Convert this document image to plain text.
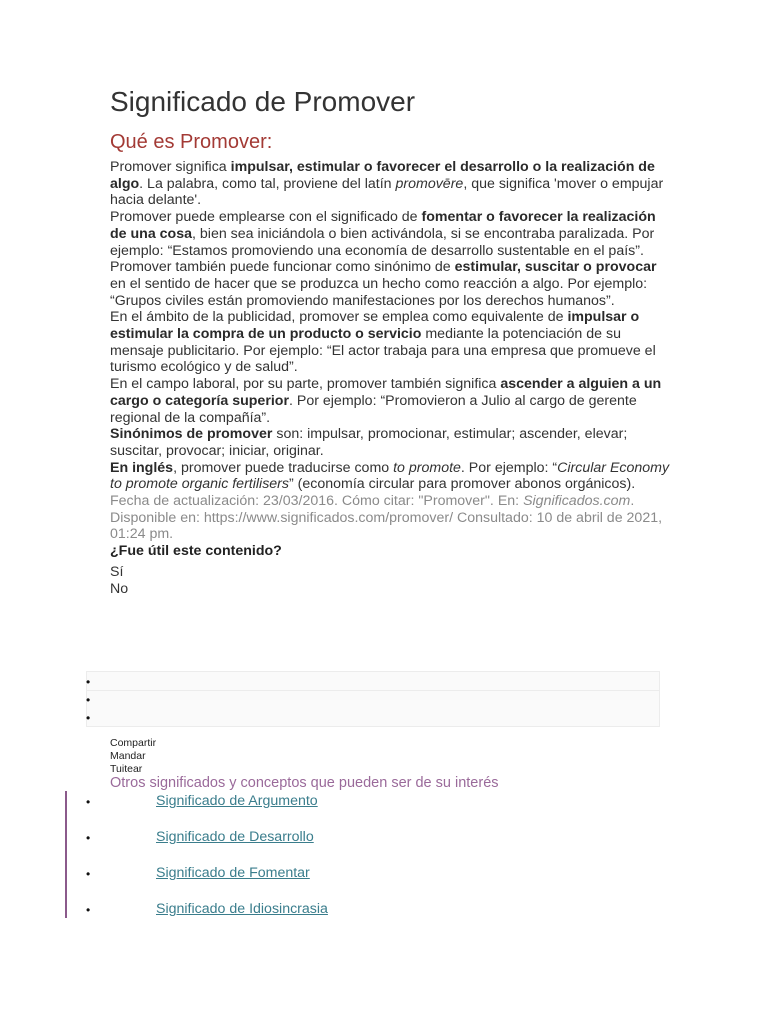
Significado de Promover
Qué es Promover:

Promover significa impulsar, estimular o favorecer el desarrollo o la realización de algo. La palabra, como tal, proviene del latín promovēre, que significa 'mover o empujar hacia delante'.

Promover puede emplearse con el significado de fomentar o favorecer la realización de una cosa, bien sea iniciándola o bien activándola, si se encontraba paralizada. Por ejemplo: “Estamos promoviendo una economía de desarrollo sustentable en el país”.

Promover también puede funcionar como sinónimo de estimular, suscitar o provocar en el sentido de hacer que se produzca un hecho como reacción a algo. Por ejemplo: “Grupos civiles están promoviendo manifestaciones por los derechos humanos”.

En el ámbito de la publicidad, promover se emplea como equivalente de impulsar o estimular la compra de un producto o servicio mediante la potenciación de su mensaje publicitario. Por ejemplo: “El actor trabaja para una empresa que promueve el turismo ecológico y de salud”.

En el campo laboral, por su parte, promover también significa ascender a alguien a un cargo o categoría superior. Por ejemplo: “Promovieron a Julio al cargo de gerente regional de la compañía”.

Sinónimos de promover son: impulsar, promocionar, estimular; ascender, elevar; suscitar, provocar; iniciar, originar.

En inglés, promover puede traducirse como to promote. Por ejemplo: “Circular Economy to promote organic fertilisers” (economía circular para promover abonos orgánicos).

Fecha de actualización: 23/03/2016. Cómo citar: "Promover". En: Significados.com. Disponible en: https://www.significados.com/promover/ Consultado: 10 de abril de 2021, 01:24 pm.

¿Fue útil este contenido?

Sí

No

•
•
•
Compartir
Mandar
Tuitear
Otros significados y conceptos que pueden ser de su interés
•	Significado de Argumento
•	Significado de Desarrollo
•	Significado de Fomentar
•	Significado de Idiosincrasia
